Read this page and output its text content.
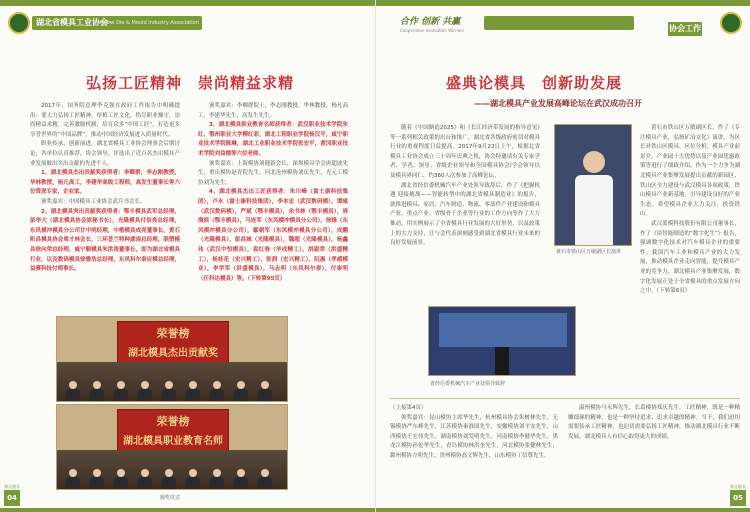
湖北省模具工业协会
Hubei Die & Mould Industry Association
弘扬工匠精神　崇尚精益求精

2017年，国务院总理李克强在政府工作报告中明确提出：要大力弘扬工匠精神，厚植工匠文化，恪尽职业操守，崇尚精益求精，完善激励机制，培育众多“中国工匠”，打造更多享誉世界的“中国品牌”，推动中国经济发展进入质量时代。

职业传承，创新前进。湖北省模具工业协会理事会后期讨论，各单位认真推荐，协会领导，评选出了近百名杰出模具产业发展做出突出贡献的先进个人。

1、湖北模具杰出贡献奖获得者：李卿群，李志刚教授，华林教授，杨凡高工，李建华高级工程师，高发生董事长等六位资深专家，企业家。

颁奖嘉宾：中国模具工业协会武兵书会长。

2、湖北模具突出贡献奖获得者：鄂丰模具武军总经理，彭华大（湖北模具协会原秘书长），光隆模具付信亮总经理，东风模冲模具分公司甘中明经理，中楷模具成亮董事长，黄石昕昌模具协会周才林会长，三环荟兰特种湖南总经理，联塑模具徐向荣总经理，威宁顺模具朱洪涛董事长，即为湖北省模具行业，以及数码模具徐雅浩总经理，东风科尔泰应模总经理，益赛科技付理事长。

颁奖嘉宾：李卿群院士，李志刚教授，华林教授，杨凡高工，李建华先生，高发生先生。

3、湖北模具职业教育名师获得者：武汉职业技术学院朱红、鄂州职业大学柳红彩，湖北工程职业学院杨汉平，咸宁职业技术学院陈琳，湖北工业职业技术学院张宏平，黄冈职业技术学院刘益德等六位老师。

颁奖嘉宾：上海模协刘健新会长，深圳模具学会唐超波先生，重庆模协赵青院先生，河北沧州模协刘庆先生，光元工模协刘为先生。

4、湖北模具杰出工匠获得者：朱川峰（富士康科技集团），卢永（富士康科技集团），李本忠（武汉数码模），谭威（武汉数码模），严斌（鄂丰模具），余书林（鄂丰模具），周海滨（鄂丰模具），马连军（东风模冲模具分公司），徐锋（东风模冲模具分公司），鄢朝军（东风模冲模具分公司），成鹏（光隆模具），彭昌城（光隆模具），魏超（光隆模具），杨鑫玮（武汉中恒模具），袁红春（华成精工），胡淑荣（洪盛精工），杨桂花（宏兴精工），张润（宏兴精工），阮惠（孝感模业），李学军（洪盛模具），马志明（东风科尔泰），付泰明（任科达模具）等。（下转第95页）

荣誉榜
湖北模具杰出贡献奖
荣誉榜
湖北模具职业教育名师
颁奖仪式
湖北模具
04
合作 创新 共赢
Cooperation Innovation Win-win	协会工作
盛典论模具　创新助发展
——湖北模具产业发展高峰论坛在武汉成功召开

随着《中国制造2025》和《长江经济带发展的指导意见》等一系列相关政策的出台和推广，湖北省各级政府密切对模具行业的重视程度日益提高。2017年9月22日上午，根据北省模具工业协会成立三十周年庆典之机，协会特邀请有关专家学者、学者、领导、省级企业领导和全国模具协会/学会领导以及模具界同仁，约360人次参加了高峰论坛。

湖北省经信委机械汽车产业处领导致辞后，作了《把握机遇 迎接挑战——智能转型中的湖北省模具制造业》的报告，就推进模具、家居、汽车制造、物流、零部件产业建设和模具产业、重点产业、省级骨干企业等行业的工作方向等作了大力推动，用实例展示了全省模具行业发展的大好形势，以及政策上的大力支持，让与会代表深刻感受到湖北省模具行业未来的良好发展前景。

黄石市铁山区万敏副区长演讲

黄石市铁山区万敏副区长，作了《专注模具产业，弘扬矿冶文化》演讲，为区长对铁山区模具、区位分析，模具产业前景介，产业园十大优势以及产业园优惠政策等进行了细致介绍。作为一个力争为湖北模具产业集聚发展提出贡献的新园区，铁山区全力建设与武汉模具各项政策，铁山模具产业新基地，引导建设良好的产业生态。希望模具企业大力关注，投资铁山。

武汉蓝模科技股份有限公司董事长，作了《谈智能制造的“数字化生”》报告，强调数字化技术对汽车模具企业的重要性。我国汽车工业和模具产业的大力发展，推动模具企业走向智能，提升模具产业的竞争力。湖北模具产业集聚发展，数字化发展正处于全省模具的重点发展方向之中。（下转第6页）

省经信委机械汽车产业处领导致辞
（上接第4页）

领奖嘉宾：昆山模协主席华先生，杭州模具协会朱树林先生，无锡模协严东峰先生，江苏模协秦淮国先生，安徽模协刘平安先生，山西模协王宏伟先生，湖南模协刘发明先生，河南模协李健华先生，黑龙江模协孙伦华先生，青岛模协林洪奎先生，河北模协张健林先生，滁州模协方明先生，贵州模协高文辉先生，山东模协丁信尊先生。

温州模协马永辉先生，长葛模协郑庆先生。工匠精神，既是一种精雕细琢的精神，也是一种坚持追求、追求卓越的精神。当下，我们迫切需要传承工匠精神，也迫切需要弘扬工匠精神，推动湖北模具行业不断发展，湖北模具人有信心取得更大的成绩。

湖北模具
05
